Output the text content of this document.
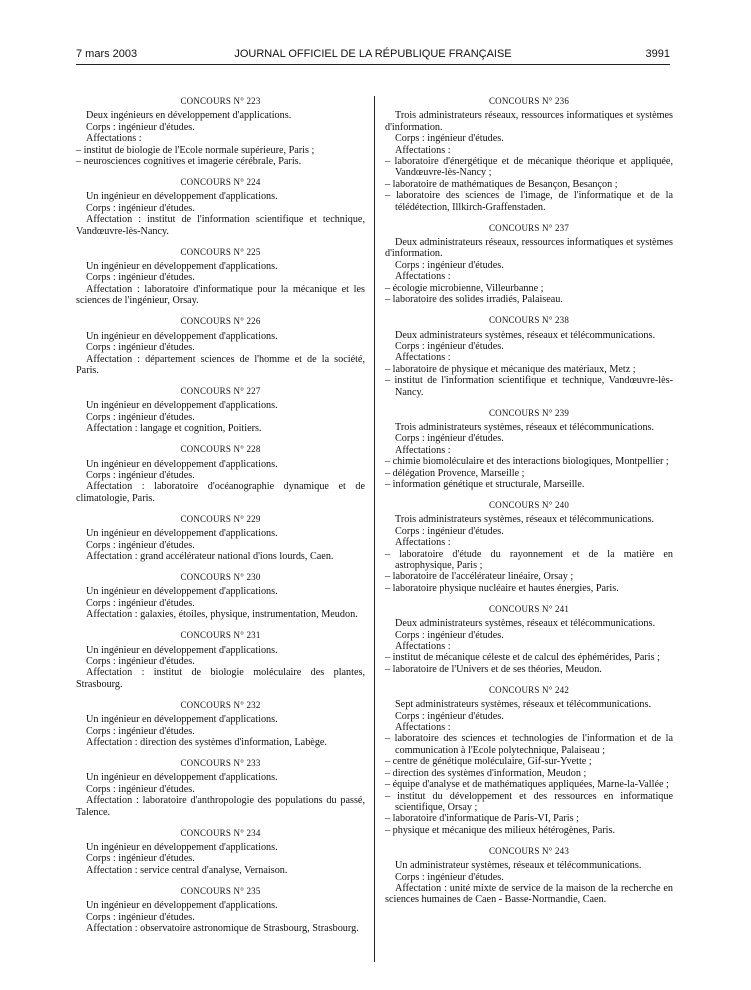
7 mars 2003	JOURNAL OFFICIEL DE LA RÉPUBLIQUE FRANÇAISE	3991
CONCOURS N° 223
Deux ingénieurs en développement d'applications.
Corps : ingénieur d'études.
Affectations :
– institut de biologie de l'Ecole normale supérieure, Paris ;
– neurosciences cognitives et imagerie cérébrale, Paris.
CONCOURS N° 224
Un ingénieur en développement d'applications.
Corps : ingénieur d'études.
Affectation : institut de l'information scientifique et technique, Vandœuvre-lès-Nancy.
CONCOURS N° 225
Un ingénieur en développement d'applications.
Corps : ingénieur d'études.
Affectation : laboratoire d'informatique pour la mécanique et les sciences de l'ingénieur, Orsay.
CONCOURS N° 226
Un ingénieur en développement d'applications.
Corps : ingénieur d'études.
Affectation : département sciences de l'homme et de la société, Paris.
CONCOURS N° 227
Un ingénieur en développement d'applications.
Corps : ingénieur d'études.
Affectation : langage et cognition, Poitiers.
CONCOURS N° 228
Un ingénieur en développement d'applications.
Corps : ingénieur d'études.
Affectation : laboratoire d'océanographie dynamique et de climatologie, Paris.
CONCOURS N° 229
Un ingénieur en développement d'applications.
Corps : ingénieur d'études.
Affectation : grand accélérateur national d'ions lourds, Caen.
CONCOURS N° 230
Un ingénieur en développement d'applications.
Corps : ingénieur d'études.
Affectation : galaxies, étoiles, physique, instrumentation, Meudon.
CONCOURS N° 231
Un ingénieur en développement d'applications.
Corps : ingénieur d'études.
Affectation : institut de biologie moléculaire des plantes, Strasbourg.
CONCOURS N° 232
Un ingénieur en développement d'applications.
Corps : ingénieur d'études.
Affectation : direction des systèmes d'information, Labège.
CONCOURS N° 233
Un ingénieur en développement d'applications.
Corps : ingénieur d'études.
Affectation : laboratoire d'anthropologie des populations du passé, Talence.
CONCOURS N° 234
Un ingénieur en développement d'applications.
Corps : ingénieur d'études.
Affectation : service central d'analyse, Vernaison.
CONCOURS N° 235
Un ingénieur en développement d'applications.
Corps : ingénieur d'études.
Affectation : observatoire astronomique de Strasbourg, Strasbourg.
CONCOURS N° 236
Trois administrateurs réseaux, ressources informatiques et systèmes d'information.
Corps : ingénieur d'études.
Affectations :
– laboratoire d'énergétique et de mécanique théorique et appliquée, Vandœuvre-lès-Nancy ;
– laboratoire de mathématiques de Besançon, Besançon ;
– laboratoire des sciences de l'image, de l'informatique et de la télédétection, Illkirch-Graffenstaden.
CONCOURS N° 237
Deux administrateurs réseaux, ressources informatiques et systèmes d'information.
Corps : ingénieur d'études.
Affectations :
– écologie microbienne, Villeurbanne ;
– laboratoire des solides irradiés, Palaiseau.
CONCOURS N° 238
Deux administrateurs systèmes, réseaux et télécommunications.
Corps : ingénieur d'études.
Affectations :
– laboratoire de physique et mécanique des matériaux, Metz ;
– institut de l'information scientifique et technique, Vandœuvre-lès-Nancy.
CONCOURS N° 239
Trois administrateurs systèmes, réseaux et télécommunications.
Corps : ingénieur d'études.
Affectations :
– chimie biomoléculaire et des interactions biologiques, Montpellier ;
– délégation Provence, Marseille ;
– information génétique et structurale, Marseille.
CONCOURS N° 240
Trois administrateurs systèmes, réseaux et télécommunications.
Corps : ingénieur d'études.
Affectations :
– laboratoire d'étude du rayonnement et de la matière en astrophysique, Paris ;
– laboratoire de l'accélérateur linéaire, Orsay ;
– laboratoire physique nucléaire et hautes énergies, Paris.
CONCOURS N° 241
Deux administrateurs systèmes, réseaux et télécommunications.
Corps : ingénieur d'études.
Affectations :
– institut de mécanique céleste et de calcul des éphémérides, Paris ;
– laboratoire de l'Univers et de ses théories, Meudon.
CONCOURS N° 242
Sept administrateurs systèmes, réseaux et télécommunications.
Corps : ingénieur d'études.
Affectations :
– laboratoire des sciences et technologies de l'information et de la communication à l'Ecole polytechnique, Palaiseau ;
– centre de génétique moléculaire, Gif-sur-Yvette ;
– direction des systèmes d'information, Meudon ;
– équipe d'analyse et de mathématiques appliquées, Marne-la-Vallée ;
– institut du développement et des ressources en informatique scientifique, Orsay ;
– laboratoire d'informatique de Paris-VI, Paris ;
– physique et mécanique des milieux hétérogènes, Paris.
CONCOURS N° 243
Un administrateur systèmes, réseaux et télécommunications.
Corps : ingénieur d'études.
Affectation : unité mixte de service de la maison de la recherche en sciences humaines de Caen - Basse-Normandie, Caen.
